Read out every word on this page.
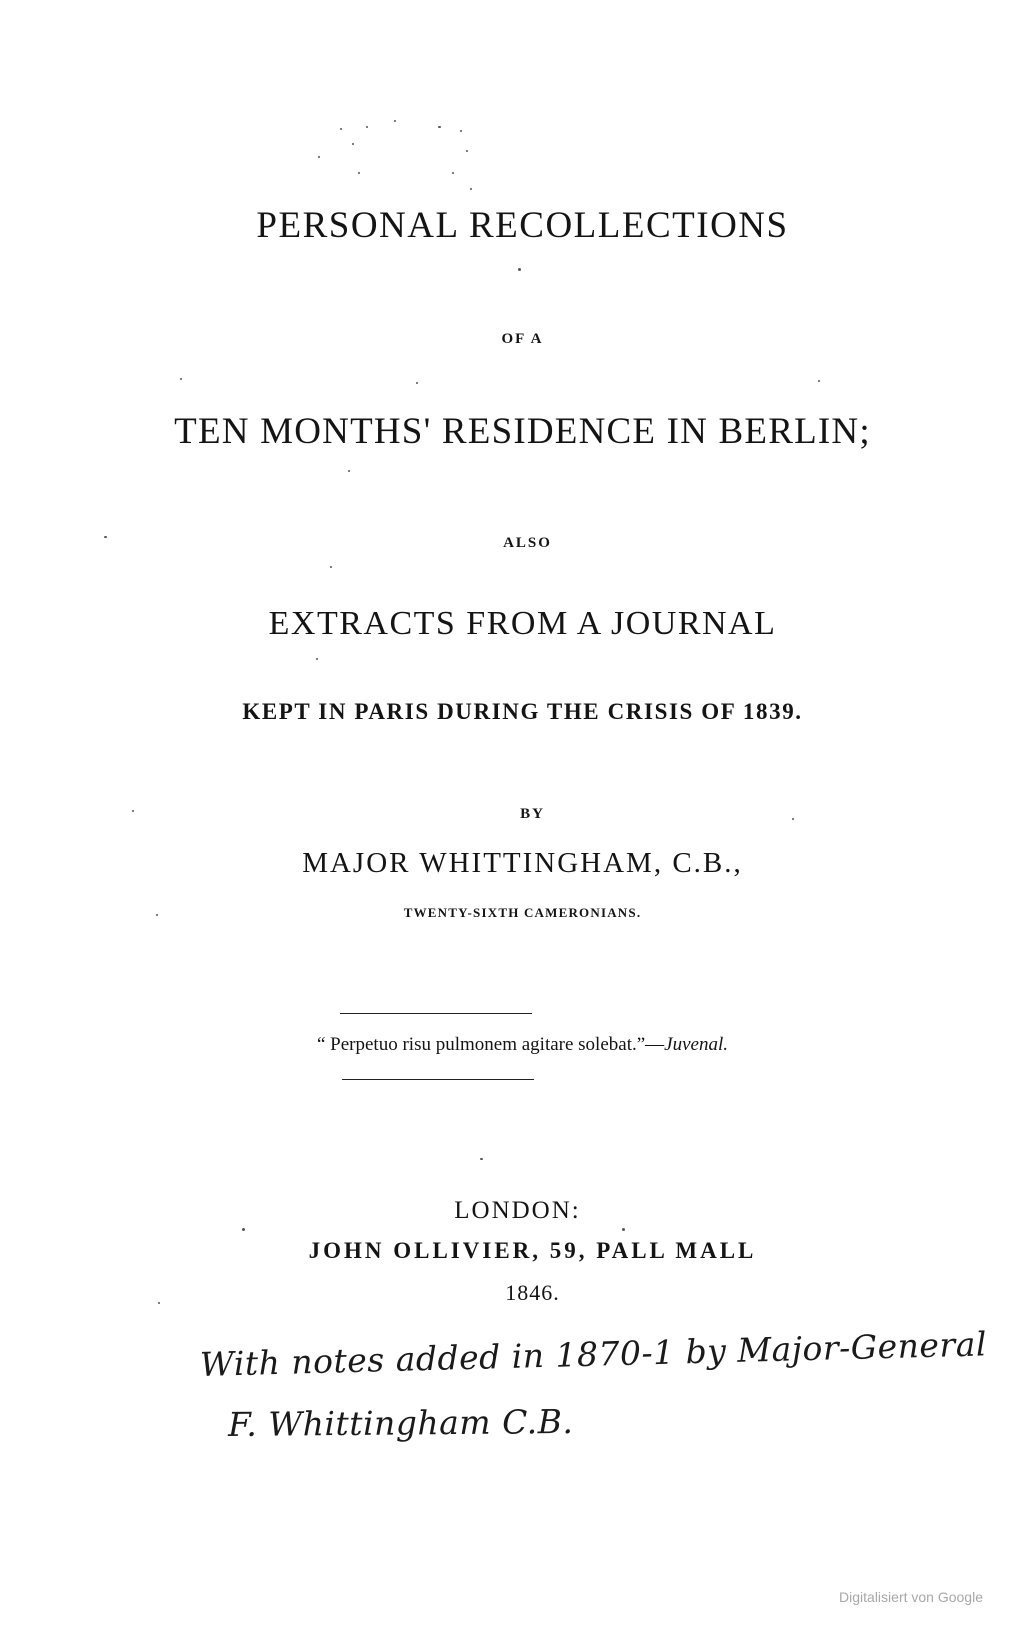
PERSONAL RECOLLECTIONS
OF A
TEN MONTHS' RESIDENCE IN BERLIN;
ALSO
EXTRACTS FROM A JOURNAL
KEPT IN PARIS DURING THE CRISIS OF 1839.
BY
MAJOR WHITTINGHAM, C.B.,
TWENTY-SIXTH CAMERONIANS.
“ Perpetuo risu pulmonem agitare solebat.”—Juvenal.
LONDON:
JOHN OLLIVIER, 59, PALL MALL
1846.
With notes added in 1870-1 by Major-General
F. Whittingham C.B.
Digitalisiert von Google
